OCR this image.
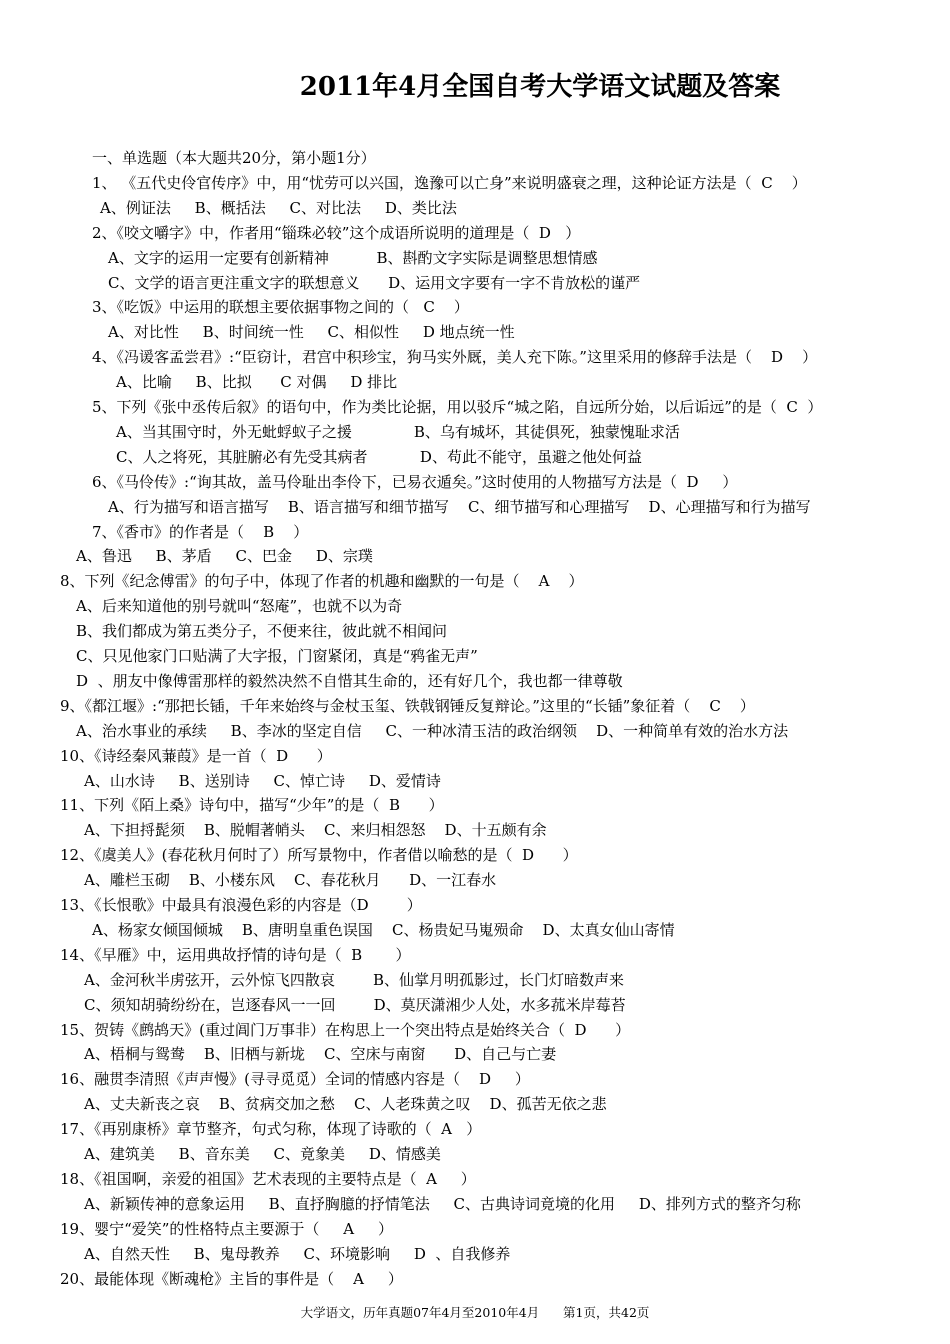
2011年4月全国自考大学语文试题及答案
一、单选题（本大题共20分，第小题1分）
1、 《五代史伶官传序》中，用“忧劳可以兴国，逸豫可以亡身”来说明盛衰之理，这种论证方法是（  C    ）
A、例证法     B、概括法     C、对比法     D、类比法
2、《咬文嚼字》中，作者用“锱珠必较”这个成语所说明的道理是（  D   ）
A、文字的运用一定要有创新精神          B、斟酌文字实际是调整思想情感
C、文学的语言更注重文字的联想意义      D、运用文字要有一字不肯放松的谨严
3、《吃饭》中运用的联想主要依据事物之间的（   C    ）
A、对比性     B、时间统一性     C、相似性     D 地点统一性
4、《冯谖客孟尝君》:“臣窃计，君宫中积珍宝，狗马实外厩，美人充下陈。”这里采用的修辞手法是（    D    ）
A、比喻     B、比拟      C 对偶     D 排比
5、下列《张中丞传后叙》的语句中，作为类比论据，用以驳斥“城之陷，自远所分始，以后诟远”的是（  C  ）
A、当其围守时，外无蚍蜉蚁子之援             B、乌有城坏，其徒俱死，独蒙愧耻求活
C、人之将死，其脏腑必有先受其病者           D、苟此不能守，虽避之他处何益
6、《马伶传》:“询其故，盖马伶耻出李伶下，已易衣遁矣。”这时使用的人物描写方法是（  D     ）
A、行为描写和语言描写    B、语言描写和细节描写    C、细节描写和心理描写    D、心理描写和行为描写
7、《香市》的作者是（    B    ）
A、鲁迅     B、茅盾     C、巴金     D、宗璞
8、下列《纪念傅雷》的句子中，体现了作者的机趣和幽默的一句是（    A    ）
A、后来知道他的别号就叫“怒庵”，也就不以为奇
B、我们都成为第五类分子，不便来往，彼此就不相闻问
C、只见他家门口贴满了大字报，门窗紧闭，真是“鸦雀无声”
D  、朋友中像傅雷那样的毅然决然不自惜其生命的，还有好几个，我也都一律尊敬
9、《都江堰》:“那把长锸，千年来始终与金杖玉玺、铁戟钢锤反复辩论。”这里的“长锸”象征着（    C    ）
A、治水事业的承续     B、李冰的坚定自信     C、一种冰清玉洁的政治纲领    D、一种简单有效的治水方法
10、《诗经秦风蒹葭》是一首（  D      ）
A、山水诗     B、送别诗     C、悼亡诗     D、爱情诗
11、下列《陌上桑》诗句中，描写“少年”的是（  B      ）
A、下担捋髭须    B、脱帽著帩头    C、来归相怨怒    D、十五颇有余
12、《虞美人》(春花秋月何时了）所写景物中，作者借以喻愁的是（  D      ）
A、雕栏玉砌    B、小楼东风    C、春花秋月      D、一江春水
13、《长恨歌》中最具有浪漫色彩的内容是（D        ）
A、杨家女倾国倾城    B、唐明皇重色误国    C、杨贵妃马嵬殒命    D、太真女仙山寄情
14、《早雁》中，运用典故抒情的诗句是（  B       ）
A、金河秋半虏弦开，云外惊飞四散哀        B、仙掌月明孤影过，长门灯暗数声来
C、须知胡骑纷纷在，岂逐春风一一回        D、莫厌潇湘少人处，水多菰米岸莓苔
15、贺铸《鹧鸪天》(重过阊门万事非）在构思上一个突出特点是始终关合（  D      ）
A、梧桐与鸳鸯    B、旧栖与新垅    C、空床与南窗      D、自己与亡妻
16、融贯李清照《声声慢》(寻寻觅觅）全词的情感内容是（    D     ）
A、丈夫新丧之哀    B、贫病交加之愁    C、人老珠黄之叹    D、孤苦无依之悲
17、《再别康桥》章节整齐，句式匀称，体现了诗歌的（  A   ）
A、建筑美     B、音东美     C、竟象美     D、情感美
18、《祖国啊，亲爱的祖国》艺术表现的主要特点是（  A     ）
A、新颖传神的意象运用     B、直抒胸臆的抒情笔法     C、古典诗词竟境的化用     D、排列方式的整齐匀称
19、婴宁“爱笑”的性格特点主要源于（     A     ）
A、自然天性     B、鬼母教养     C、环境影响     D  、自我修养
20、最能体现《断魂枪》主旨的事件是（    A     ）
大学语文，历年真题07年4月至2010年4月      第1页，共42页
